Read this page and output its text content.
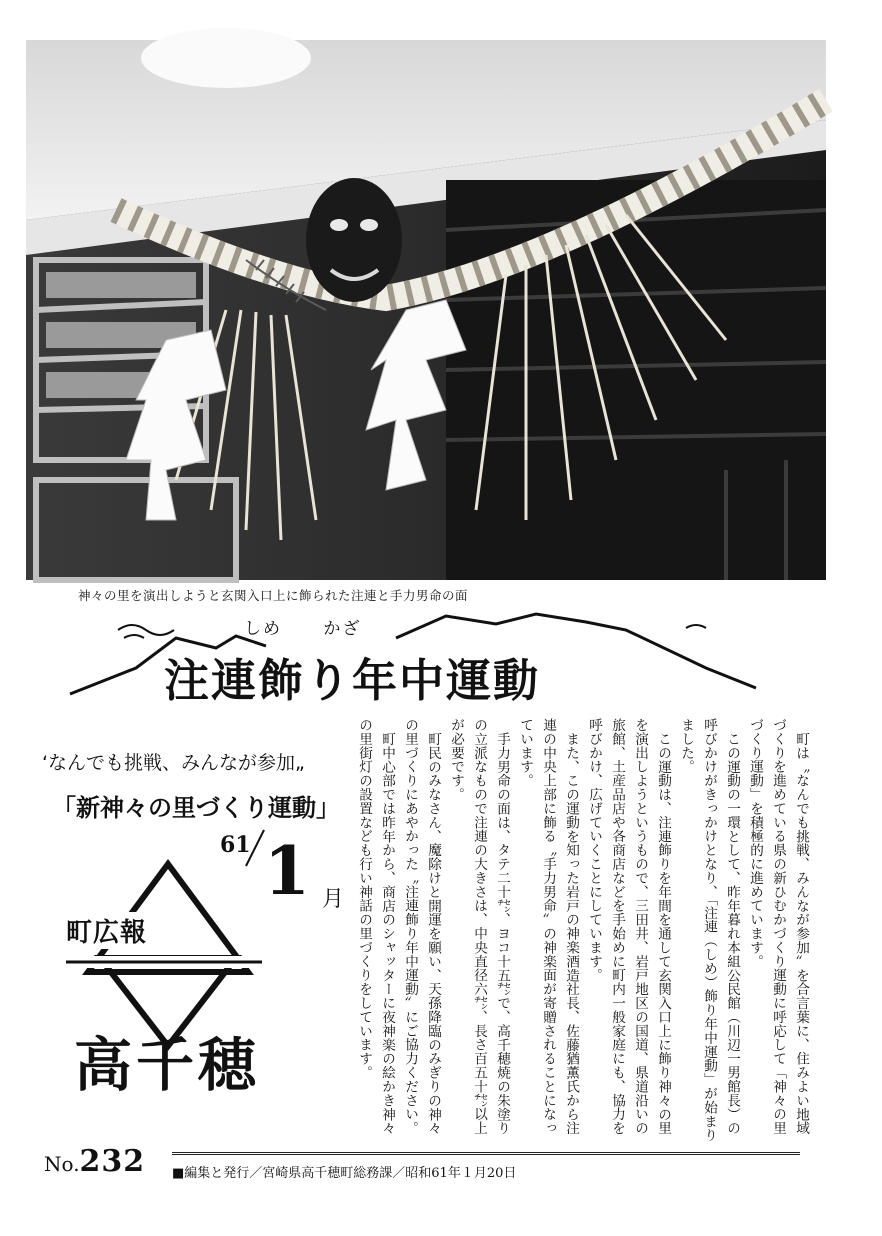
神々の里を演出しようと玄関入口上に飾られた注連と手力男命の面
しめ かざ
注連飾り年中運動
‘なんでも挑戦、みんなが参加„
「新神々の里づくり運動」
61 1 月
町広報
高千穂
No.232 ■編集と発行／宮崎県高千穂町総務課／昭和61年１月20日

町は〝なんでも挑戦、みんなが参加〟を合言葉に、住みよい地域づくりを進めている県の新ひむかづくり運動に呼応して「神々の里づくり運動」を積極的に進めています。

この運動の一環として、昨年暮れ本組公民館（川辺一男館長）の呼びかけがきっかけとなり、「注連（しめ）飾り年中運動」が始まりました。

この運動は、注連飾りを年間を通して玄関入口上に飾り神々の里を演出しようというもので、三田井、岩戸地区の国道、県道沿いの旅館、土産品店や各商店などを手始めに町内一般家庭にも、協力を呼びかけ、広げていくことにしています。

また、この運動を知った岩戸の神楽酒造社長、佐藤猶薫氏から注連の中央上部に飾る〝手力男命〟の神楽面が寄贈されることになっています。

手力男命の面は、タテ二十㌢、ヨコ十五㌢で、高千穂焼の朱塗りの立派なもので注連の大きさは、中央直径六㌢、長さ百五十㌢以上が必要です。

町民のみなさん、魔除けと開運を願い、天孫降臨のみぎりの神々の里づくりにあやかった〝注連飾り年中運動〟にご協力ください。

町中心部では昨年から、商店のシャッターに夜神楽の絵かき神々の里街灯の設置なども行い神話の里づくりをしています。
